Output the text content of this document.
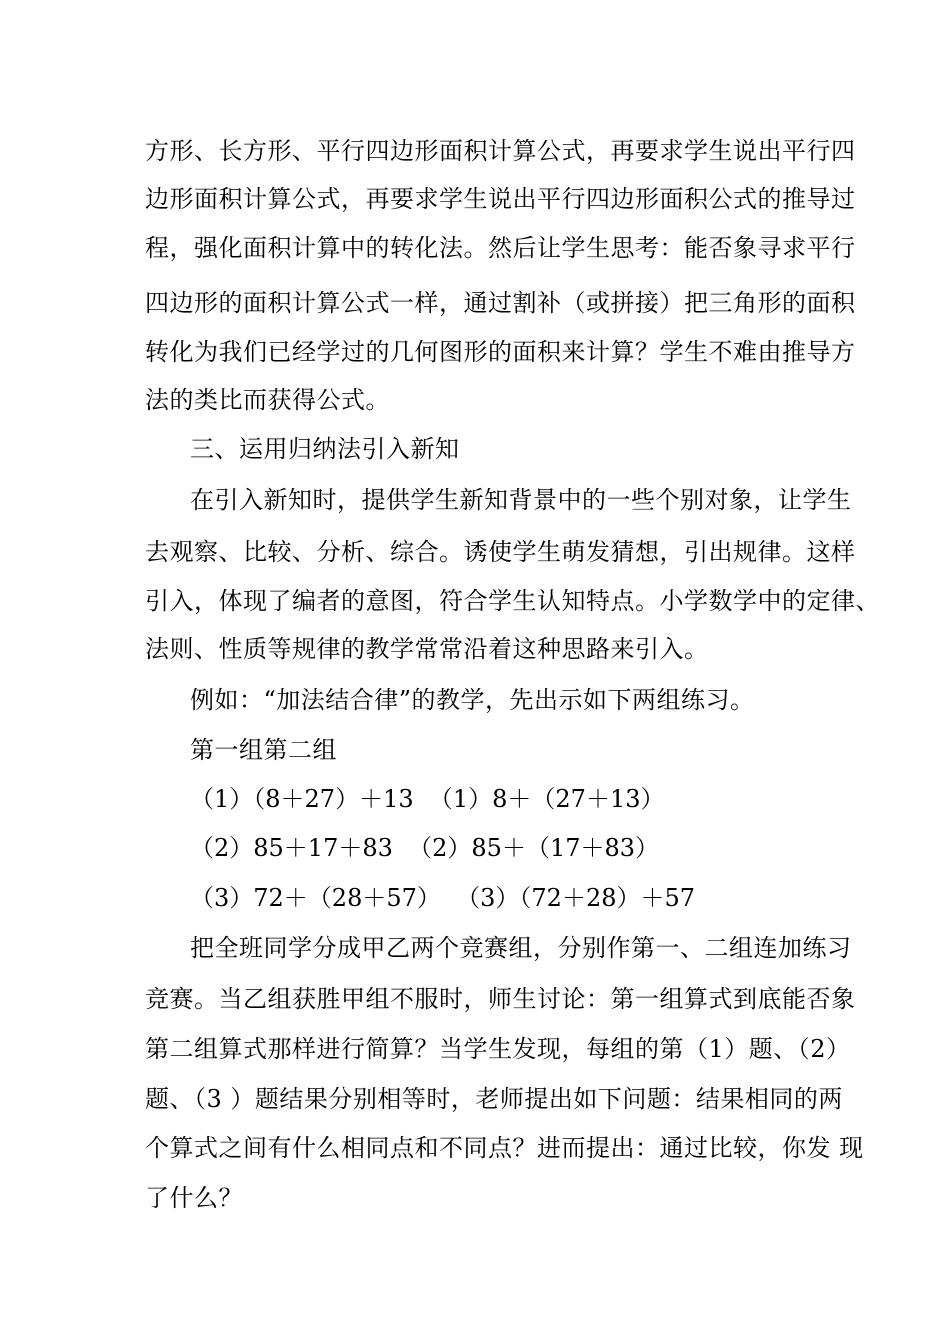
方形、长方形、平行四边形面积计算公式，再要求学生说出平行四
边形面积计算公式，再要求学生说出平行四边形面积公式的推导过
程，强化面积计算中的转化法。然后让学生思考：能否象寻求平行
四边形的面积计算公式一样，通过割补（或拼接）把三角形的面积
转化为我们已经学过的几何图形的面积来计算？学生不难由推导方
法的类比而获得公式。
三、运用归纳法引入新知
在引入新知时，提供学生新知背景中的一些个别对象，让学生
去观察、比较、分析、综合。诱使学生萌发猜想，引出规律。这样
引入，体现了编者的意图，符合学生认知特点。小学数学中的定律、
法则、性质等规律的教学常常沿着这种思路来引入。
例如：“加法结合律”的教学，先出示如下两组练习。
第一组第二组
（1）（8＋27）＋13  （1）8＋（27＋13）
（2）85＋17＋83  （2）85＋（17＋83）
（3）72＋（28＋57）  （3）（72＋28）＋57
把全班同学分成甲乙两个竞赛组，分别作第一、二组连加练习
竞赛。当乙组获胜甲组不服时，师生讨论：第一组算式到底能否象
第二组算式那样进行简算？当学生发现，每组的第（1）题、（2）
题、（3 ）题结果分别相等时，老师提出如下问题：结果相同的两
个算式之间有什么相同点和不同点？进而提出：通过比较，你发 现
了什么？
